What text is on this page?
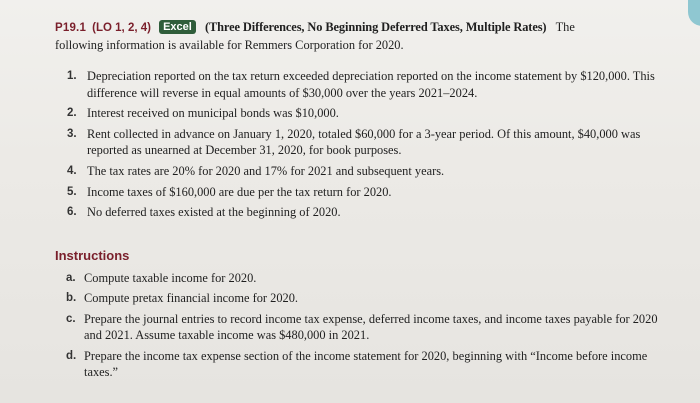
P19.1 (LO 1, 2, 4) Excel (Three Differences, No Beginning Deferred Taxes, Multiple Rates) The
following information is available for Remmers Corporation for 2020.
1. Depreciation reported on the tax return exceeded depreciation reported on the income statement by $120,000. This difference will reverse in equal amounts of $30,000 over the years 2021–2024.
2. Interest received on municipal bonds was $10,000.
3. Rent collected in advance on January 1, 2020, totaled $60,000 for a 3-year period. Of this amount, $40,000 was reported as unearned at December 31, 2020, for book purposes.
4. The tax rates are 20% for 2020 and 17% for 2021 and subsequent years.
5. Income taxes of $160,000 are due per the tax return for 2020.
6. No deferred taxes existed at the beginning of 2020.
Instructions
a. Compute taxable income for 2020.
b. Compute pretax financial income for 2020.
c. Prepare the journal entries to record income tax expense, deferred income taxes, and income taxes payable for 2020 and 2021. Assume taxable income was $480,000 in 2021.
d. Prepare the income tax expense section of the income statement for 2020, beginning with “Income before income taxes.”
